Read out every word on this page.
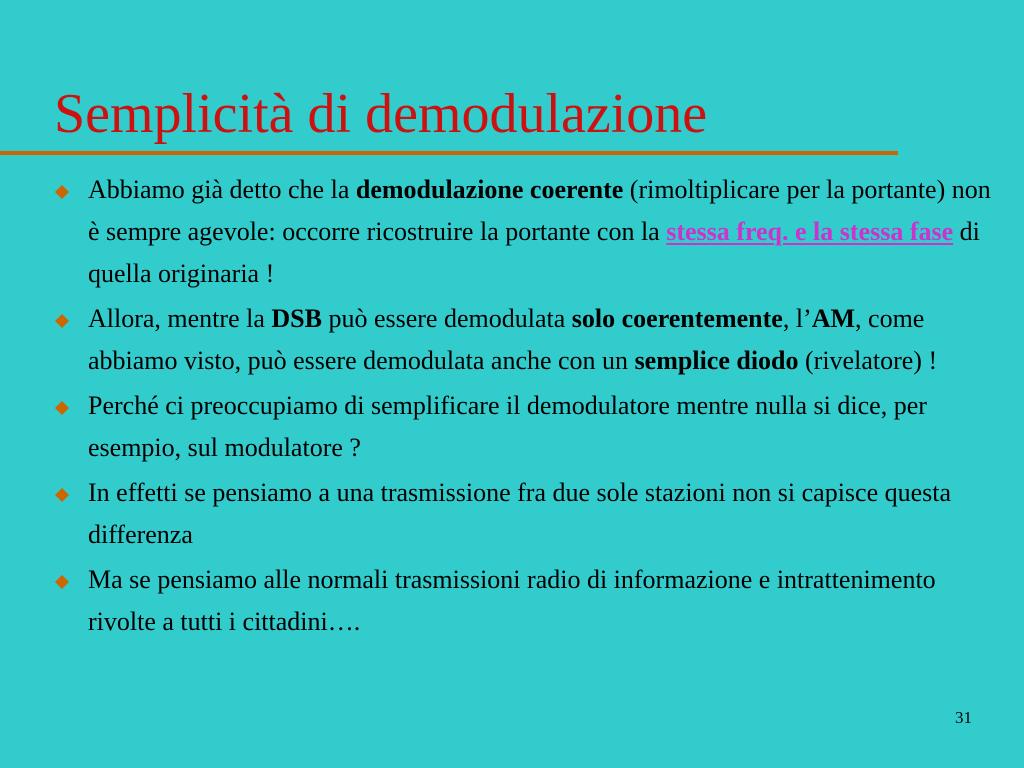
Semplicità di demodulazione
Abbiamo già detto che la demodulazione coerente (rimoltiplicare per la portante) non è sempre agevole: occorre ricostruire la portante con la stessa freq. e la stessa fase di quella originaria !
Allora, mentre la DSB può essere demodulata solo coerentemente, l’AM, come abbiamo visto, può essere demodulata anche con un semplice diodo (rivelatore) !
Perché ci preoccupiamo di semplificare il demodulatore mentre nulla si dice, per esempio, sul modulatore ?
In effetti se pensiamo a una trasmissione fra due sole stazioni non si capisce questa differenza
Ma se pensiamo alle normali trasmissioni radio di informazione e intrattenimento rivolte a tutti i cittadini….
31
